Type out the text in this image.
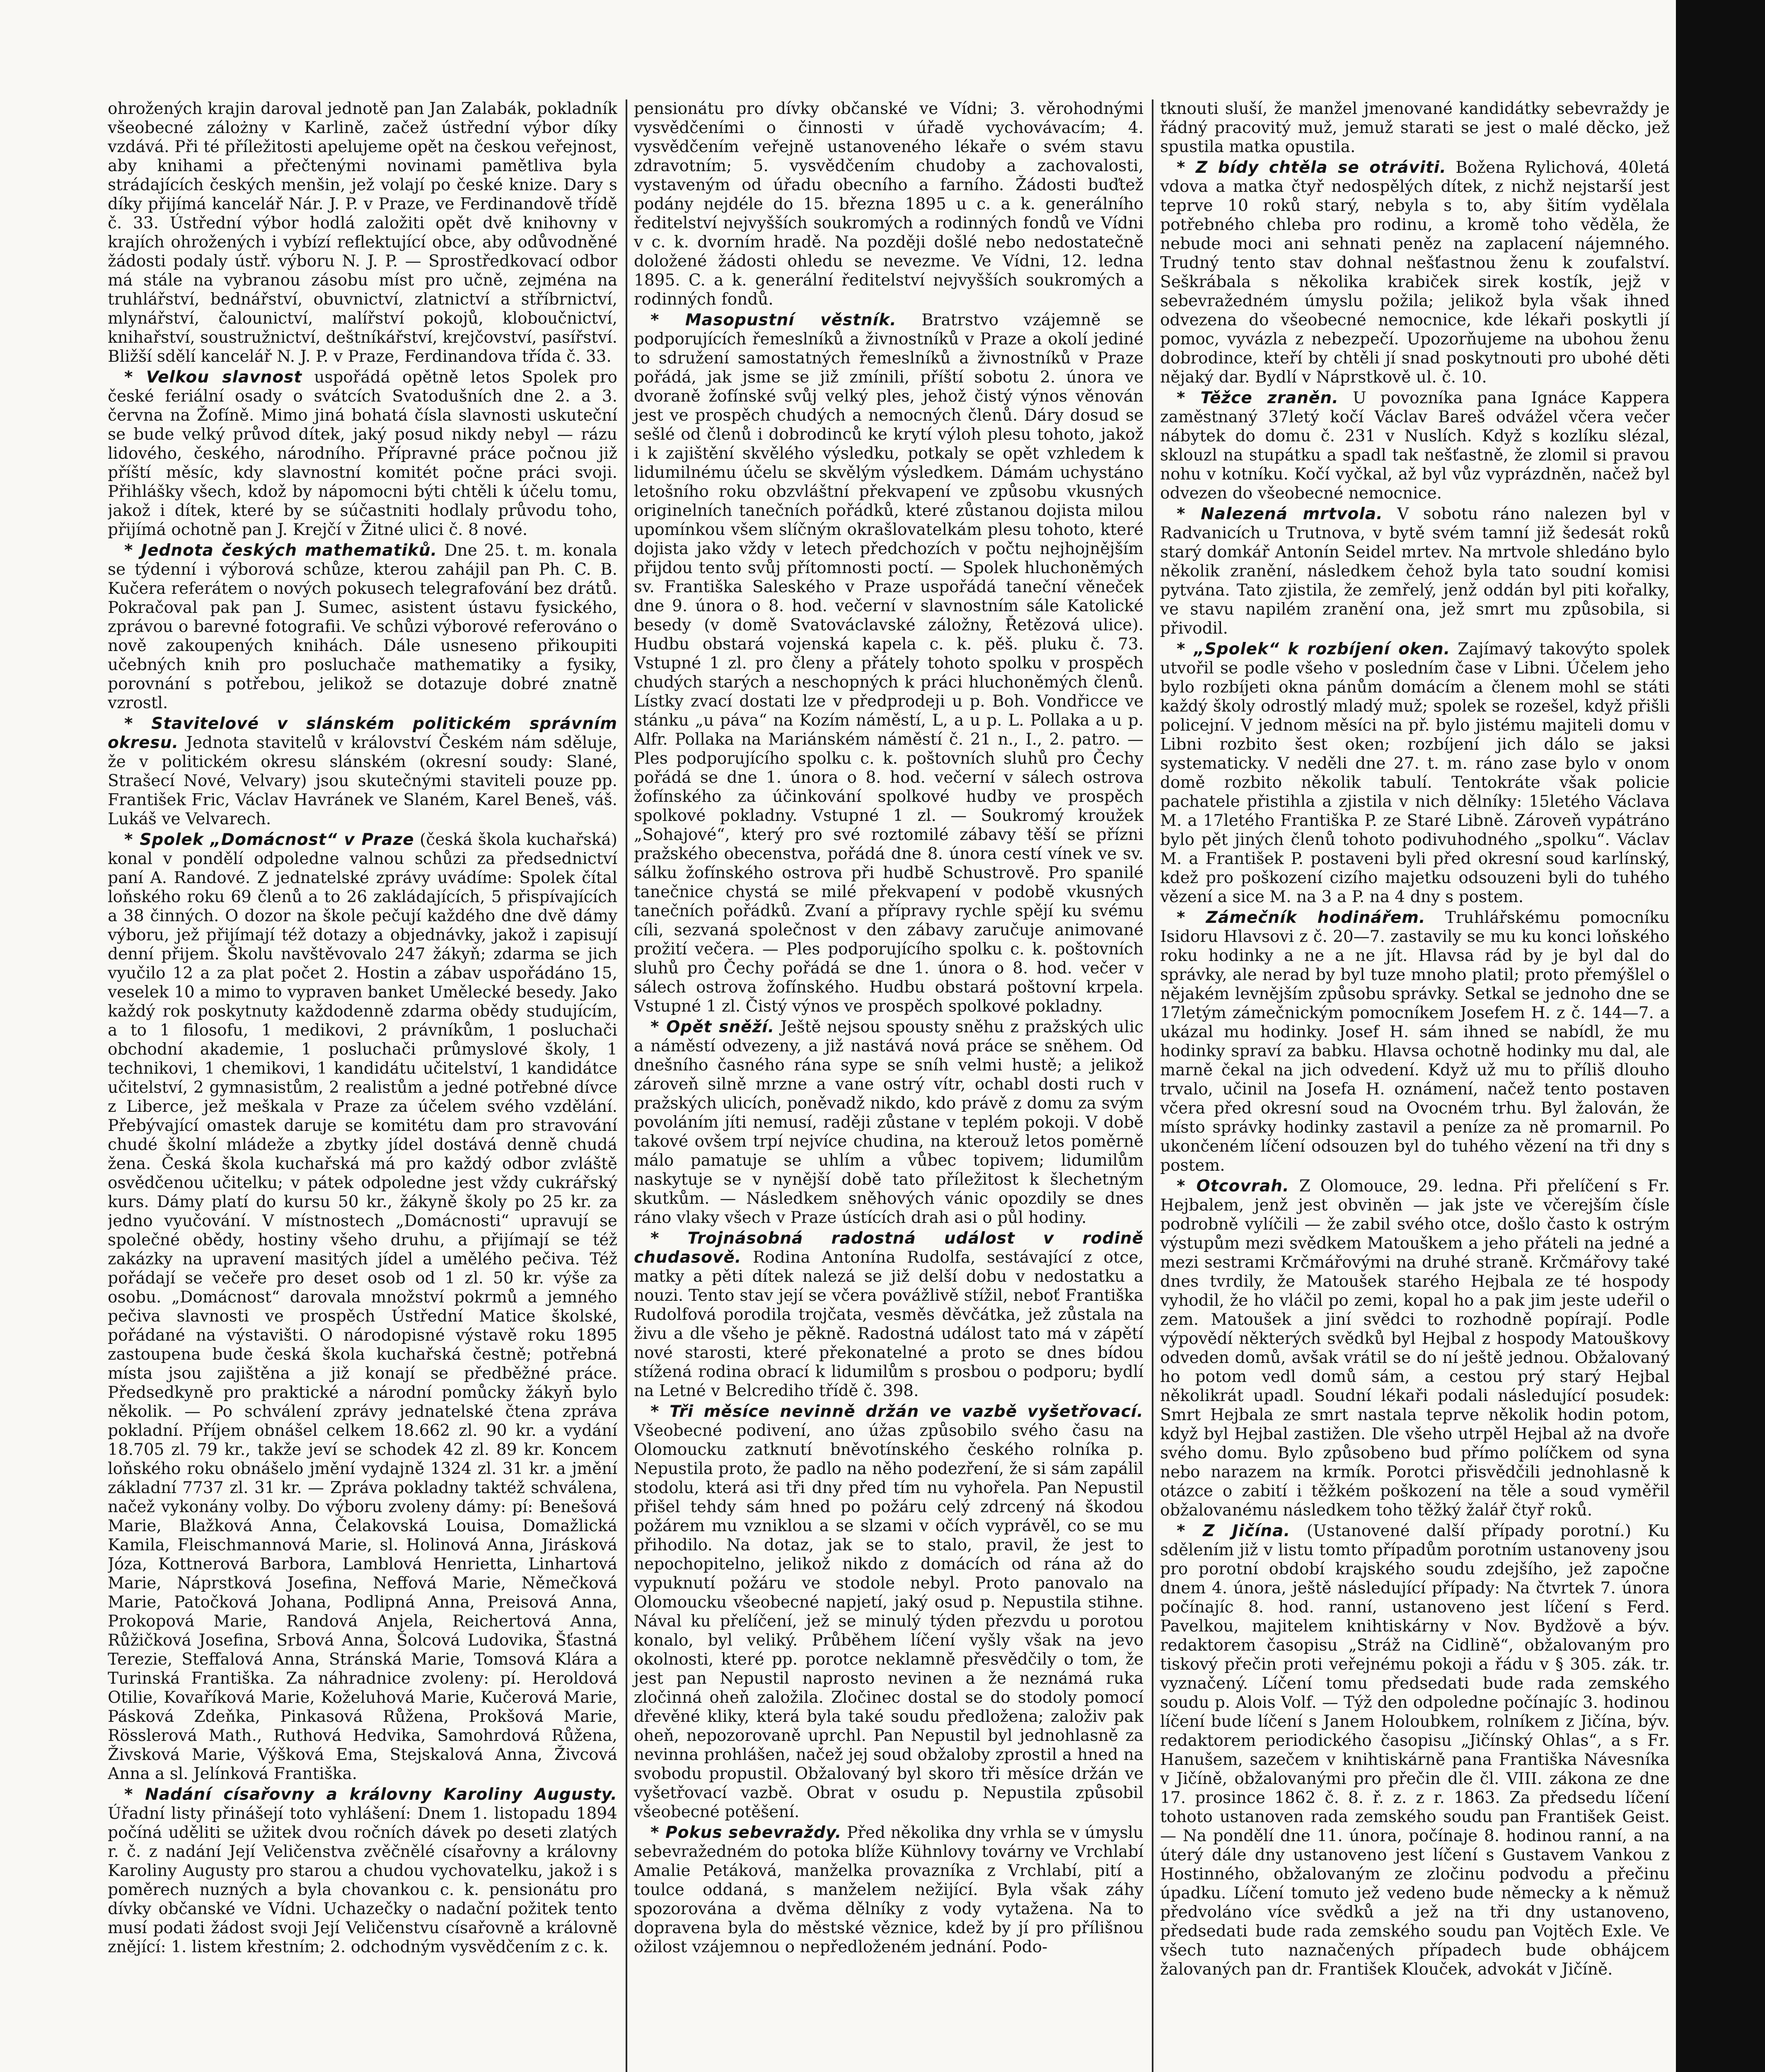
ohrožených krajin daroval jednotě pan Jan Zalabák, pokladník všeobecné zálożny v Karlině, začež ústřední výbor díky vzdává. Při té příležitosti apelujeme opět na českou veřejnost, aby knihami a přečtenými novinami pamětliva byla strádajících českých menšin, jež volají po české knize. Dary s díky přijímá kancelář Nár. J. P. v Praze, ve Ferdinandově třídě č. 33. Ústřední výbor hodlá založiti opět dvě knihovny v krajích ohrožených i vybízí reflektující obce, aby odůvodněné žádosti podaly ústř. výboru N. J. P. — Sprostředkovací odbor má stále na vybranou zásobu míst pro učně, zejména na truhlářství, bednářství, obuvnictví, zlatnictví a stříbrnictví, mlynářství, čalounictví, malířství pokojů, kloboučnictví, knihařství, soustružnictví, deštníkářství, krejčovství, pasířství. Bližší sdělí kancelář N. J. P. v Praze, Ferdinandova třída č. 33.

* Velkou slavnost uspořádá opětně letos Spolek pro české feriální osady o svátcích Svatodušních dne 2. a 3. června na Žofíně. Mimo jiná bohatá čísla slavnosti uskuteční se bude velký průvod dítek, jaký posud nikdy nebyl — rázu lidového, českého, národního. Přípravné práce počnou již příští měsíc, kdy slavnostní komitét počne práci svoji. Přihlášky všech, kdož by nápomocni býti chtěli k účelu tomu, jakož i dítek, které by se súčastniti hodlaly průvodu toho, přijímá ochotně pan J. Krejčí v Žitné ulici č. 8 nové.

* Jednota českých mathematiků. Dne 25. t. m. konala se týdenní i výborová schůze, kterou zahájil pan Ph. C. B. Kučera referátem o nových pokusech telegrafování bez drátů. Pokračoval pak pan J. Sumec, asistent ústavu fysického, zprávou o barevné fotografii. Ve schůzi výborové referováno o nově zakoupených knihách. Dále usneseno přikoupiti učebných knih pro posluchače mathematiky a fysiky, porovnání s potřebou, jelikož se dotazuje dobré znatně vzrostl.

* Stavitelové v slánském politickém správním okresu. Jednota stavitelů v království Českém nám sděluje, že v politickém okresu slánském (okresní soudy: Slané, Strašecí Nové, Velvary) jsou skutečnými staviteli pouze pp. František Fric, Václav Havránek ve Slaném, Karel Beneš, váš. Lukáš ve Velvarech.

* Spolek „Domácnost“ v Praze (česká škola kuchařská) konal v pondělí odpoledne valnou schůzi za předsednictví paní A. Randové. Z jednatelské zprávy uvádíme: Spolek čítal loňského roku 69 členů a to 26 zakládajících, 5 přispívajících a 38 činných. O dozor na škole pečují každého dne dvě dámy výboru, jež přijímají též dotazy a objednávky, jakož i zapisují denní přijem. Školu navštěvovalo 247 žákyň; zdarma se jich vyučilo 12 a za plat počet 2. Hostin a zábav uspořádáno 15, veselek 10 a mimo to vypraven banket Umělecké besedy. Jako každý rok poskytnuty každodenně zdarma obědy studujícím, a to 1 filosofu, 1 medikovi, 2 právníkům, 1 posluchači obchodní akademie, 1 posluchači průmyslové školy, 1 technikovi, 1 chemikovi, 1 kandidátu učitelství, 1 kandidátce učitelství, 2 gymnasistům, 2 realistům a jedné potřebné dívce z Liberce, jež meškala v Praze za účelem svého vzdělání. Přebývající omastek daruje se komitétu dam pro stravování chudé školní mládeže a zbytky jídel dostává denně chudá žena. Česká škola kuchařská má pro každý odbor zvláště osvědčenou učitelku; v pátek odpoledne jest vždy cukrářský kurs. Dámy platí do kursu 50 kr., žákyně školy po 25 kr. za jedno vyučování. V místnostech „Domácnosti“ upravují se společné obědy, hostiny všeho druhu, a přijímají se též zakázky na upravení masitých jídel a umělého pečiva. Též pořádají se večeře pro deset osob od 1 zl. 50 kr. výše za osobu. „Domácnost“ darovala množství pokrmů a jemného pečiva slavnosti ve prospěch Ústřední Matice školské, pořádané na výstavišti. O národopisné výstavě roku 1895 zastoupena bude česká škola kuchařská čestně; potřebná místa jsou zajištěna a již konají se předběžné práce. Předsedkyně pro praktické a národní pomůcky žákyň bylo několik. — Po schválení zprávy jednatelské čtena zpráva pokladní. Příjem obnášel celkem 18.662 zl. 90 kr. a vydání 18.705 zl. 79 kr., takže jeví se schodek 42 zl. 89 kr. Koncem loňského roku obnášelo jmění vydajně 1324 zl. 31 kr. a jmění základní 7737 zl. 31 kr. — Zpráva pokladny taktéž schválena, načež vykonány volby. Do výboru zvoleny dámy: pí: Benešová Marie, Blažková Anna, Čelakovská Louisa, Domažlická Kamila, Fleischmannová Marie, sl. Holinová Anna, Jirásková Józa, Kottnerová Barbora, Lamblová Henrietta, Linhartová Marie, Náprstková Josefina, Neffová Marie, Němečková Marie, Patočková Johana, Podlipná Anna, Preisová Anna, Prokopová Marie, Randová Anjela, Reichertová Anna, Růžičková Josefina, Srbová Anna, Šolcová Ludovika, Šťastná Terezie, Steffalová Anna, Stránská Marie, Tomsová Klára a Turinská Františka. Za náhradnice zvoleny: pí. Heroldová Otilie, Kovaříková Marie, Koželuhová Marie, Kučerová Marie, Pásková Zdeňka, Pinkasová Růžena, Prokšová Marie, Rösslerová Math., Ruthová Hedvika, Samohrdová Růžena, Živsková Marie, Výšková Ema, Stejskalová Anna, Živcová Anna a sl. Jelínková Františka.

* Nadání císařovny a královny Karoliny Augusty. Úřadní listy přinášejí toto vyhlášení: Dnem 1. listopadu 1894 počíná uděliti se užitek dvou ročních dávek po deseti zlatých r. č. z nadání Její Veličenstva zvěčnělé císařovny a královny Karoliny Augusty pro starou a chudou vychovatelku, jakož i s poměrech nuzných a byla chovankou c. k. pensionátu pro dívky občanské ve Vídni. Uchazečky o nadační požitek tento musí podati žádost svoji Její Veličenstvu císařovně a královně znějící: 1. listem křestním; 2. odchodným vysvědčením z c. k.

pensionátu pro dívky občanské ve Vídni; 3. věrohodnými vysvědčeními o činnosti v úřadě vychovávacím; 4. vysvědčením veřejně ustanoveného lékaře o svém stavu zdravotním; 5. vysvědčením chudoby a zachovalosti, vystaveným od úřadu obecního a farního. Žádosti buďtež podány nejdéle do 15. března 1895 u c. a k. generálního ředitelství nejvyšších soukromých a rodinných fondů ve Vídni v c. k. dvorním hradě. Na později došlé nebo nedostatečně doložené žádosti ohledu se nevezme. Ve Vídni, 12. ledna 1895. C. a k. generální ředitelství nejvyšších soukromých a rodinných fondů.

* Masopustní věstník. Bratrstvo vzájemně se podporujících řemeslníků a živnostníků v Praze a okolí jediné to sdružení samostatných řemeslníků a živnostníků v Praze pořádá, jak jsme se již zmínili, příští sobotu 2. února ve dvoraně žofínské svůj velký ples, jehož čistý výnos věnován jest ve prospěch chudých a nemocných členů. Dáry dosud se sešlé od členů i dobrodinců ke krytí výloh plesu tohoto, jakož i k zajištění skvělého výsledku, potkaly se opět vzhledem k lidumilnému účelu se skvělým výsledkem. Dámám uchystáno letošního roku obzvláštní překvapení ve způsobu vkusných originelních tanečních pořádků, které zůstanou dojista milou upomínkou všem slíčným okrašlovatelkám plesu tohoto, které dojista jako vždy v letech předchozích v počtu nejhojnějším přijdou tento svůj přítomnosti poctí. — Spolek hluchoněmých sv. Františka Saleského v Praze uspořádá taneční věneček dne 9. února o 8. hod. večerní v slavnostním sále Katolické besedy (v domě Svatováclavské záložny, Řetězová ulice). Hudbu obstará vojenská kapela c. k. pěš. pluku č. 73. Vstupné 1 zl. pro členy a přátely tohoto spolku v prospěch chudých starých a neschopných k práci hluchoněmých členů. Lístky zvací dostati lze v předprodeji u p. Boh. Vondřicce ve stánku „u páva“ na Kozím náměstí, L, a u p. L. Pollaka a u p. Alfr. Pollaka na Mariánském náměstí č. 21 n., I., 2. patro. — Ples podporujícího spolku c. k. poštovních sluhů pro Čechy pořádá se dne 1. února o 8. hod. večerní v sálech ostrova žofínského za účinkování spolkové hudby ve prospěch spolkové pokladny. Vstupné 1 zl. — Soukromý kroužek „Sohajové“, který pro své roztomilé zábavy těší se přízni pražského obecenstva, pořádá dne 8. února cestí vínek ve sv. sálku žofínského ostrova při hudbě Schustrově. Pro spanilé tanečnice chystá se milé překvapení v podobě vkusných tanečních pořádků. Zvaní a přípravy rychle spějí ku svému cíli, sezvaná společnost v den zábavy zaručuje animované prožití večera. — Ples podporujícího spolku c. k. poštovních sluhů pro Čechy pořádá se dne 1. února o 8. hod. večer v sálech ostrova žofínského. Hudbu obstará poštovní krpela. Vstupné 1 zl. Čistý výnos ve prospěch spolkové pokladny.

* Opět sněží. Ještě nejsou spousty sněhu z pražských ulic a náměstí odvezeny, a již nastává nová práce se sněhem. Od dnešního časného rána sype se sníh velmi hustě; a jelikož zároveň silně mrzne a vane ostrý vítr, ochabl dosti ruch v pražských ulicích, poněvadž nikdo, kdo právě z domu za svým povoláním jíti nemusí, raději zůstane v teplém pokoji. V době takové ovšem trpí nejvíce chudina, na kterouž letos poměrně málo pamatuje se uhlím a vůbec topivem; lidumilům naskytuje se v nynější době tato příležitost k šlechetným skutkům. — Následkem sněhových vánic opozdily se dnes ráno vlaky všech v Praze ústících drah asi o půl hodiny.

* Trojnásobná radostná událost v rodině chudasově. Rodina Antonína Rudolfa, sestávající z otce, matky a pěti dítek nalezá se již delší dobu v nedostatku a nouzi. Tento stav její se včera povážlivě stížil, neboť Františka Rudolfová porodila trojčata, vesměs děvčátka, jež zůstala na živu a dle všeho je pěkně. Radostná událost tato má v zápětí nové starosti, které překonatelné a proto se dnes bídou stížená rodina obrací k lidumilům s prosbou o podporu; bydlí na Letné v Belcrediho třídě č. 398.

* Tři měsíce nevinně držán ve vazbě vyšetřovací. Všeobecné podivení, ano úžas způsobilo svého času na Olomoucku zatknutí bněvotínského českého rolníka p. Nepustila proto, že padlo na něho podezření, že si sám zapálil stodolu, která asi tři dny před tím nu vyhořela. Pan Nepustil přišel tehdy sám hned po požáru celý zdrcený ná škodou požárem mu vzniklou a se slzami v očích vyprávěl, co se mu přihodilo. Na dotaz, jak se to stalo, pravil, že jest to nepochopitelno, jelikož nikdo z domácích od rána až do vypuknutí požáru ve stodole nebyl. Proto panovalo na Olomoucku všeobecné napjetí, jaký osud p. Nepustila stihne. Nával ku přelíčení, jež se minulý týden přezvdu u porotou konalo, byl veliký. Průběhem líčení vyšly však na jevo okolnosti, které pp. porotce neklamně přesvědčily o tom, že jest pan Nepustil naprosto nevinen a že neznámá ruka zločinná oheň založila. Zločinec dostal se do stodoly pomocí dřevěné kliky, která byla také soudu předložena; založiv pak oheň, nepozorovaně uprchl. Pan Nepustil byl jednohlasně za nevinna prohlášen, načež jej soud obžaloby zprostil a hned na svobodu propustil. Obžalovaný byl skoro tři měsíce držán ve vyšetřovací vazbě. Obrat v osudu p. Nepustila způsobil všeobecné potěšení.

* Pokus sebevraždy. Před několika dny vrhla se v úmyslu sebevražedném do potoka blíže Kühnlovy továrny ve Vrchlabí Amalie Petáková, manželka provazníka z Vrchlabí, pití a toulce oddaná, s manželem nežijící. Byla však záhy spozorována a dvěma dělníky z vody vytažena. Na to dopravena byla do městské věznice, kdež by jí pro přílišnou ožilost vzájemnou o nepředloženém jednání. Podo-

tknouti sluší, že manžel jmenované kandidátky sebevraždy je řádný pracovitý muž, jemuž starati se jest o malé děcko, jež spustila matka opustila.

* Z bídy chtěla se otráviti. Božena Rylichová, 40letá vdova a matka čtyř nedospělých dítek, z nichž nejstarší jest teprve 10 roků starý, nebyla s to, aby šitím vydělala potřebného chleba pro rodinu, a kromě toho věděla, že nebude moci ani sehnati peněz na zaplacení nájemného. Trudný tento stav dohnal nešťastnou ženu k zoufalství. Seškrábala s několika krabiček sirek kostík, jejž v sebevražedném úmyslu požila; jelikož byla však ihned odvezena do všeobecné nemocnice, kde lékaři poskytli jí pomoc, vyvázla z nebezpečí. Upozorňujeme na ubohou ženu dobrodince, kteří by chtěli jí snad poskytnouti pro ubohé děti nějaký dar. Bydlí v Náprstkově ul. č. 10.

* Těžce zraněn. U povozníka pana Ignáce Kappera zaměstnaný 37letý kočí Václav Bareš odvážel včera večer nábytek do domu č. 231 v Nuslích. Když s kozlíku slézal, sklouzl na stupátku a spadl tak nešťastně, že zlomil si pravou nohu v kotníku. Kočí vyčkal, až byl vůz vyprázdněn, načež byl odvezen do všeobecné nemocnice.

* Nalezená mrtvola. V sobotu ráno nalezen byl v Radvanicích u Trutnova, v bytě svém tamní již šedesát roků starý domkář Antonín Seidel mrtev. Na mrtvole shledáno bylo několik zranění, následkem čehož byla tato soudní komisi pytvána. Tato zjistila, že zemřelý, jenž oddán byl piti kořalky, ve stavu napilém zranění ona, jež smrt mu způsobila, si přivodil.

* „Spolek“ k rozbíjení oken. Zajímavý takovýto spolek utvořil se podle všeho v posledním čase v Libni. Účelem jeho bylo rozbíjeti okna pánům domácím a členem mohl se státi každý školy odrostlý mladý muž; spolek se rozešel, když přišli policejní. V jednom měsíci na př. bylo jistému majiteli domu v Libni rozbito šest oken; rozbíjení jich dálo se jaksi systematicky. V neděli dne 27. t. m. ráno zase bylo v onom domě rozbito několik tabulí. Tentokráte však policie pachatele přistihla a zjistila v nich dělníky: 15letého Václava M. a 17letého Františka P. ze Staré Libně. Zároveň vypátráno bylo pět jiných členů tohoto podivuhodného „spolku“. Václav M. a František P. postaveni byli před okresní soud karlínský, kdež pro poškození cizího majetku odsouzeni byli do tuhého vězení a sice M. na 3 a P. na 4 dny s postem.

* Zámečník hodinářem. Truhlářskému pomocníku Isidoru Hlavsovi z č. 20—7. zastavily se mu ku konci loňského roku hodinky a ne a ne jít. Hlavsa rád by je byl dal do správky, ale nerad by byl tuze mnoho platil; proto přemýšlel o nějakém levnějším způsobu správky. Setkal se jednoho dne se 17letým zámečnickým pomocníkem Josefem H. z č. 144—7. a ukázal mu hodinky. Josef H. sám ihned se nabídl, že mu hodinky spraví za babku. Hlavsa ochotně hodinky mu dal, ale marně čekal na jich odvedení. Když už mu to příliš dlouho trvalo, učinil na Josefa H. oznámení, načež tento postaven včera před okresní soud na Ovocném trhu. Byl žalován, že místo správky hodinky zastavil a peníze za ně promarnil. Po ukončeném líčení odsouzen byl do tuhého vězení na tři dny s postem.

* Otcovrah. Z Olomouce, 29. ledna. Při přelíčení s Fr. Hejbalem, jenž jest obviněn — jak jste ve včerejším čísle podrobně vylíčili — že zabil svého otce, došlo často k ostrým výstupům mezi svědkem Matouškem a jeho přáteli na jedné a mezi sestrami Krčmářovými na druhé straně. Krčmářovy také dnes tvrdily, že Matoušek starého Hejbala ze té hospody vyhodil, že ho vláčil po zemi, kopal ho a pak jim jeste udeřil o zem. Matoušek a jiní svědci to rozhodně popírají. Podle výpovědí některých svědků byl Hejbal z hospody Matouškovy odveden domů, avšak vrátil se do ní ještě jednou. Obžalovaný ho potom vedl domů sám, a cestou prý starý Hejbal několikrát upadl. Soudní lékaři podali následující posudek: Smrt Hejbala ze smrt nastala teprve několik hodin potom, když byl Hejbal zastižen. Dle všeho utrpěl Hejbal až na dvoře svého domu. Bylo způsobeno bud přímo políčkem od syna nebo narazem na krmík. Porotci přisvědčili jednohlasně k otázce o zabití i těžkém poškození na těle a soud vyměřil obžalovanému následkem toho těžký žalář čtyř roků.

* Z Jičína. (Ustanovené další případy porotní.) Ku sdělením již v listu tomto případům porotním ustanoveny jsou pro porotní období krajského soudu zdejšího, jež započne dnem 4. února, ještě následující případy: Na čtvrtek 7. února počínajíc 8. hod. ranní, ustanoveno jest líčení s Ferd. Pavelkou, majitelem knihtiskárny v Nov. Bydžově a býv. redaktorem časopisu „Stráž na Cidlině“, obžalovaným pro tiskový přečin proti veřejnému pokoji a řádu v § 305. zák. tr. vyznačený. Líčení tomu předsedati bude rada zemského soudu p. Alois Volf. — Týž den odpoledne počínajíc 3. hodinou líčení bude líčení s Janem Holoubkem, rolníkem z Jičína, býv. redaktorem periodického časopisu „Jičínský Ohlas“, a s Fr. Hanušem, sazečem v knihtiskárně pana Františka Návesníka v Jičíně, obžalovanými pro přečin dle čl. VIII. zákona ze dne 17. prosince 1862 č. 8. ř. z. z r. 1863. Za předsedu líčení tohoto ustanoven rada zemského soudu pan František Geist. — Na pondělí dne 11. února, počínaje 8. hodinou ranní, a na úterý dále dny ustanoveno jest líčení s Gustavem Vankou z Hostinného, obžalovaným ze zločinu podvodu a přečinu úpadku. Líčení tomuto jež vedeno bude německy a k němuž předvoláno více svědků a jež na tři dny ustanoveno, předsedati bude rada zemského soudu pan Vojtěch Exle. Ve všech tuto naznačených případech bude obhájcem žalovaných pan dr. František Klouček, advokát v Jičíně.
